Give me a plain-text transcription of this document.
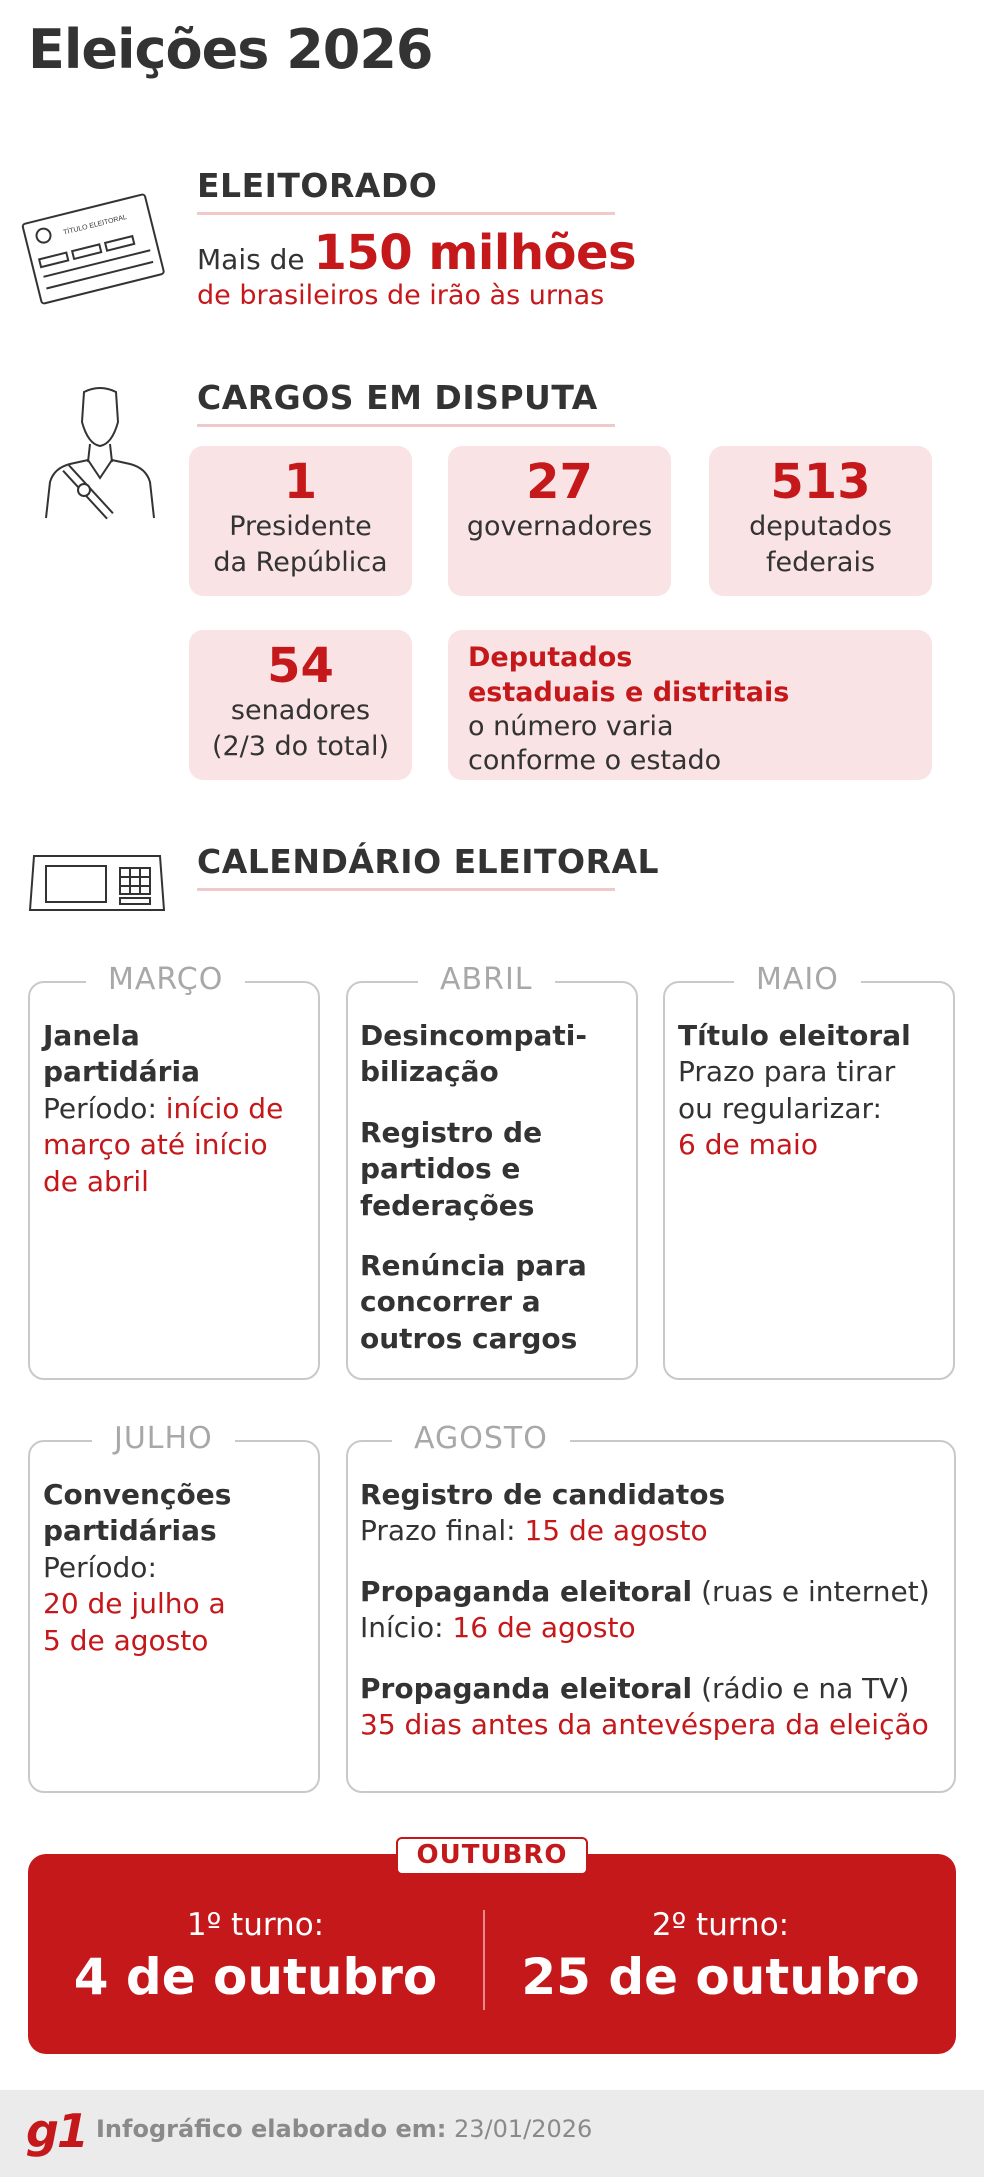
Eleições 2026
TÍTULO ELEITORAL
ELEITORADO
Mais de 150 milhões
de brasileiros de irão às urnas
CARGOS EM DISPUTA
1
Presidente
da República
27
governadores
513
deputados
federais
54
senadores
(2/3 do total)
Deputados
estaduais e distritais
o número varia
conforme o estado
CALENDÁRIO ELEITORAL
MARÇO
Janela
partidária
Período: início de
março até início
de abril
ABRIL
Desincompati-
bilização
Registro de
partidos e
federações
Renúncia para
concorrer a
outros cargos
MAIO
Título eleitoral
Prazo para tirar
ou regularizar:
6 de maio
JULHO
Convenções
partidárias
Período:
20 de julho a
5 de agosto
AGOSTO
Registro de candidatos
Prazo final: 15 de agosto
Propaganda eleitoral (ruas e internet)
Início: 16 de agosto
Propaganda eleitoral (rádio e na TV)
35 dias antes da antevéspera da eleição
OUTUBRO
1º turno:
4 de outubro
2º turno:
25 de outubro
g1 Infográfico elaborado em: 23/01/2026
